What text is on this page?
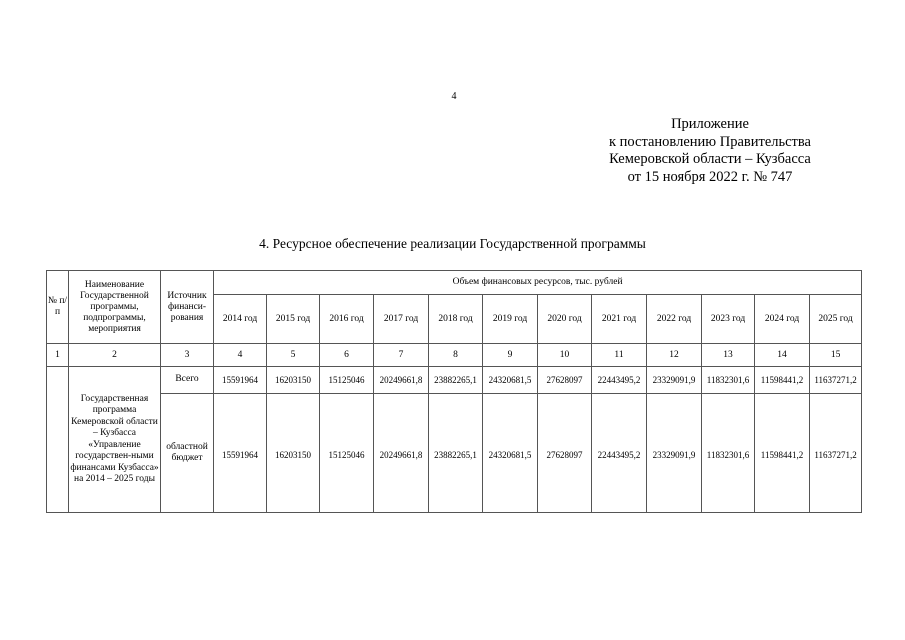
4
Приложение
к постановлению Правительства
Кемеровской области – Кузбасса
от 15 ноября 2022 г. № 747
4. Ресурсное обеспечение реализации Государственной программы
№ п/п	Наименование Государственной программы, подпрограммы, мероприятия	Источник финанси-рования	Объем финансовых ресурсов, тыс. рублей											
			2014 год	2015 год	2016 год	2017 год	2018 год	2019 год	2020 год	2021 год	2022 год	2023 год	2024 год	2025 год
1	2	3	4	5	6	7	8	9	10	11	12	13	14	15
	Государственная программа Кемеровской области – Кузбасса «Управление государствен-ными финансами Кузбасса» на 2014 – 2025 годы	Всего	15591964	16203150	15125046	20249661,8	23882265,1	24320681,5	27628097	22443495,2	23329091,9	11832301,6	11598441,2	11637271,2
		областной бюджет	15591964	16203150	15125046	20249661,8	23882265,1	24320681,5	27628097	22443495,2	23329091,9	11832301,6	11598441,2	11637271,2
